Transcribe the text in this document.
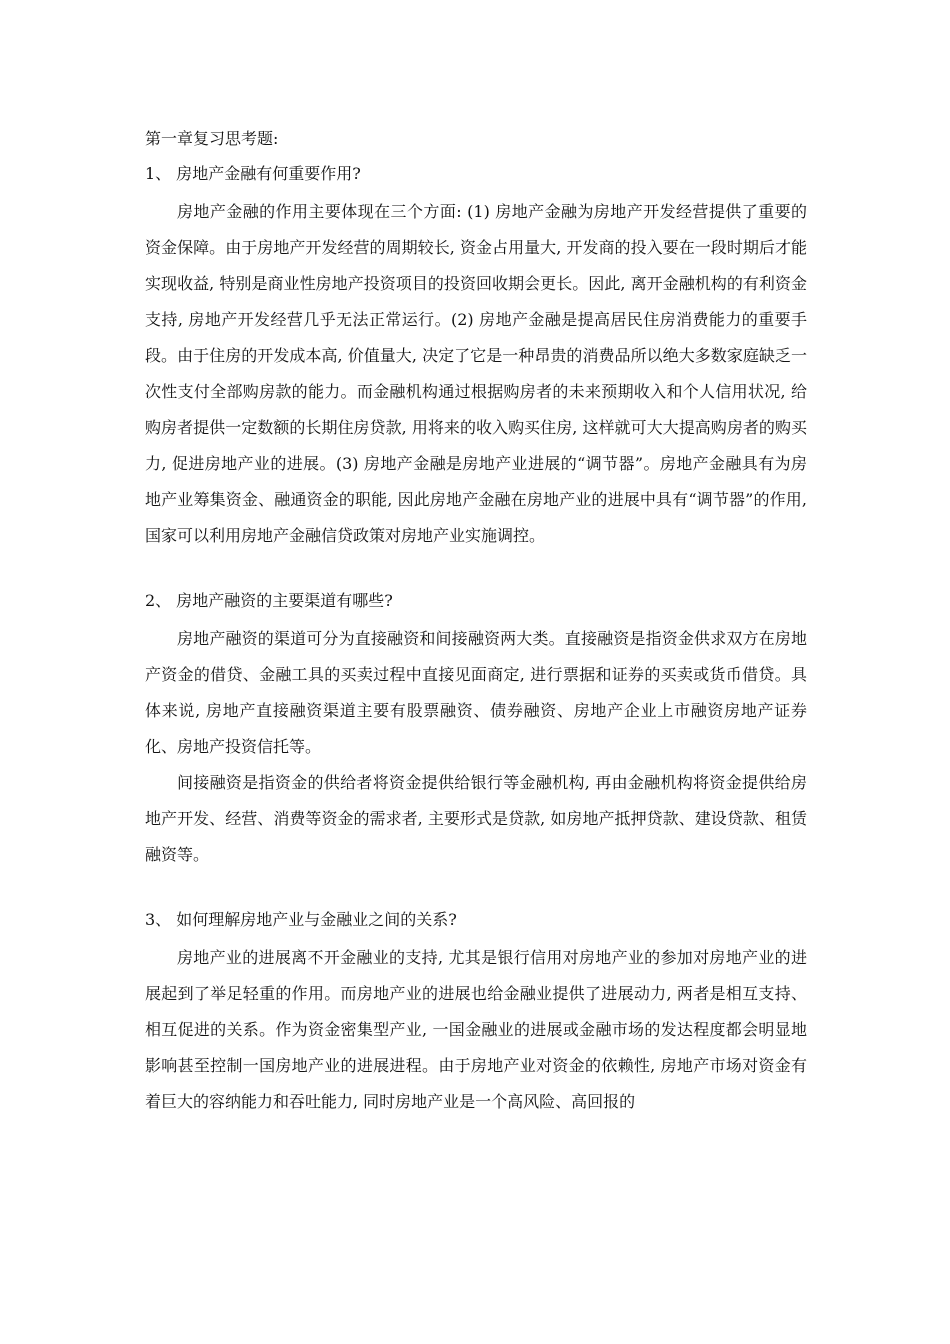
第一章复习思考题:

1、 房地产金融有何重要作用?

房地产金融的作用主要体现在三个方面: (1) 房地产金融为房地产开发经营提供了重要的资金保障。由于房地产开发经营的周期较长, 资金占用量大, 开发商的投入要在一段时期后才能实现收益, 特别是商业性房地产投资项目的投资回收期会更长。因此, 离开金融机构的有利资金支持, 房地产开发经营几乎无法正常运行。(2) 房地产金融是提高居民住房消费能力的重要手段。由于住房的开发成本高, 价值量大, 决定了它是一种昂贵的消费品所以绝大多数家庭缺乏一次性支付全部购房款的能力。而金融机构通过根据购房者的未来预期收入和个人信用状况, 给购房者提供一定数额的长期住房贷款, 用将来的收入购买住房, 这样就可大大提高购房者的购买力, 促进房地产业的进展。(3) 房地产金融是房地产业进展的“调节器”。房地产金融具有为房地产业筹集资金、融通资金的职能, 因此房地产金融在房地产业的进展中具有“调节器”的作用, 国家可以利用房地产金融信贷政策对房地产业实施调控。

2、 房地产融资的主要渠道有哪些?

房地产融资的渠道可分为直接融资和间接融资两大类。直接融资是指资金供求双方在房地产资金的借贷、金融工具的买卖过程中直接见面商定, 进行票据和证券的买卖或货币借贷。具体来说, 房地产直接融资渠道主要有股票融资、债券融资、房地产企业上市融资房地产证券化、房地产投资信托等。

间接融资是指资金的供给者将资金提供给银行等金融机构, 再由金融机构将资金提供给房地产开发、经营、消费等资金的需求者, 主要形式是贷款, 如房地产抵押贷款、建设贷款、租赁融资等。

3、 如何理解房地产业与金融业之间的关系?

房地产业的进展离不开金融业的支持, 尤其是银行信用对房地产业的参加对房地产业的进展起到了举足轻重的作用。而房地产业的进展也给金融业提供了进展动力, 两者是相互支持、相互促进的关系。作为资金密集型产业, 一国金融业的进展或金融市场的发达程度都会明显地影响甚至控制一国房地产业的进展进程。由于房地产业对资金的依赖性, 房地产市场对资金有着巨大的容纳能力和吞吐能力, 同时房地产业是一个高风险、高回报的
